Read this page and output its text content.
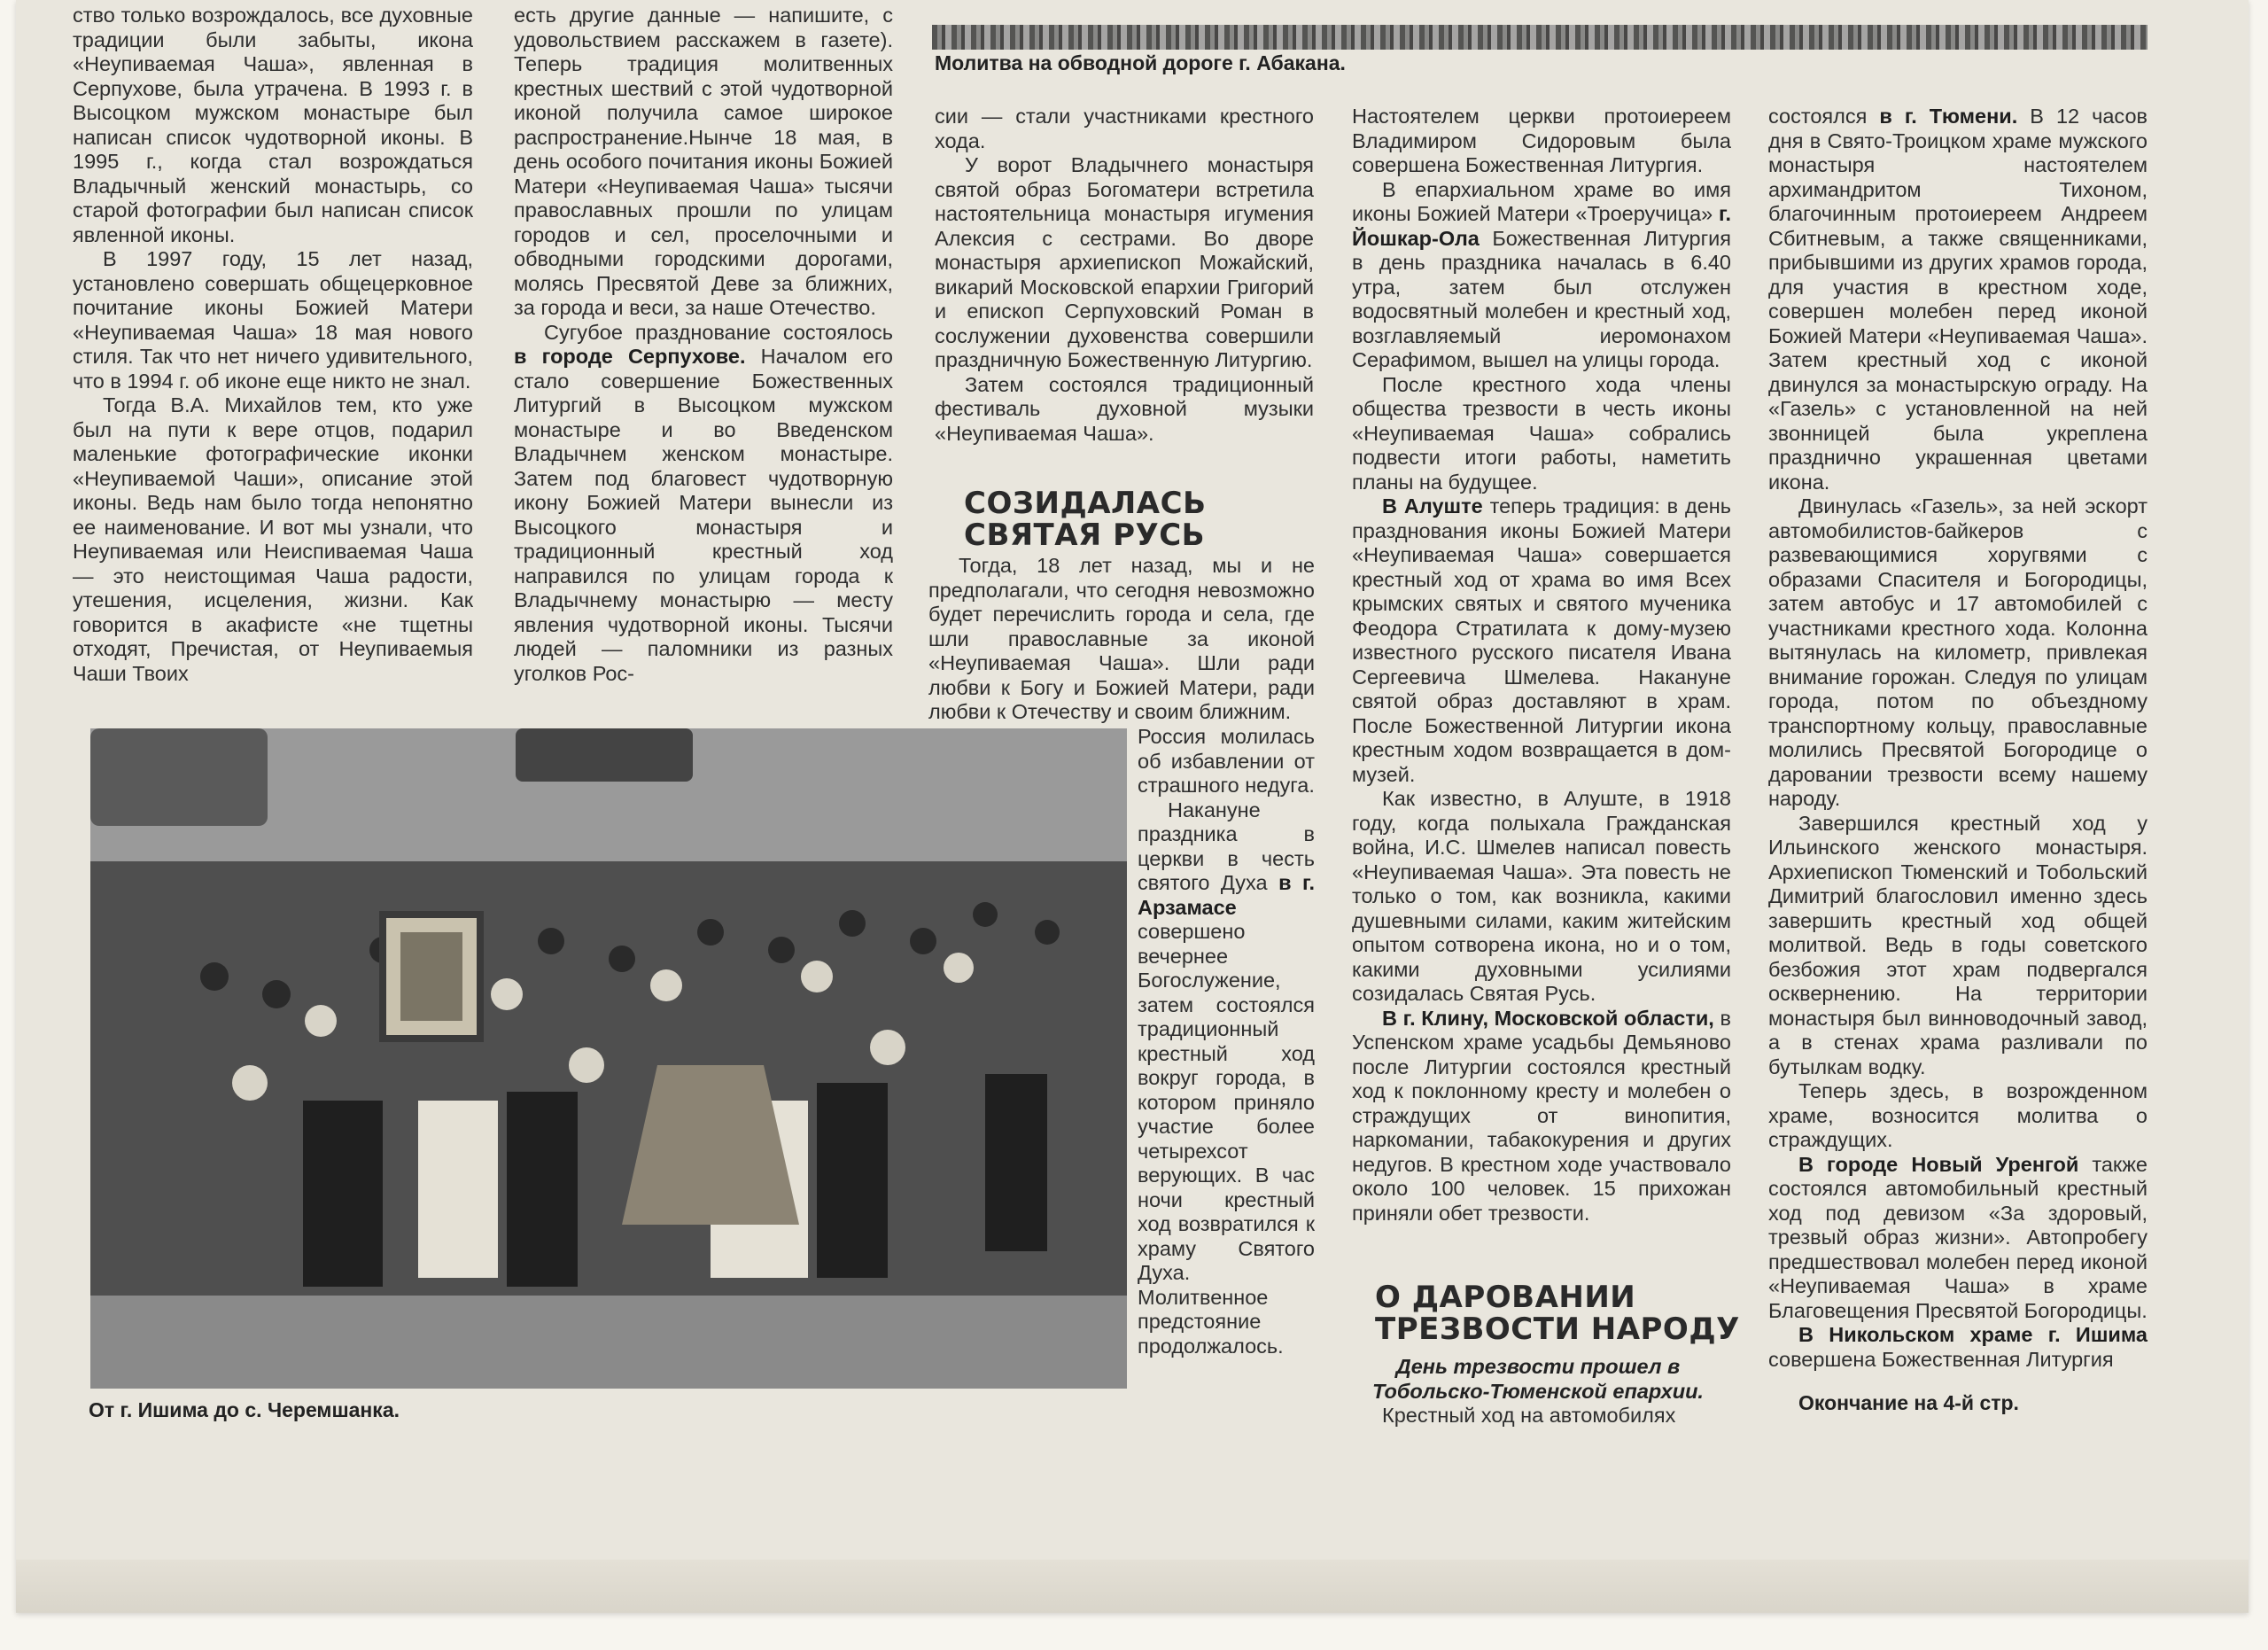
Молитва на обводной дороге г. Абакана.

ство только возрождалось, все духовные традиции были забыты, икона «Неупиваемая Чаша», явленная в Серпухове, была утрачена. В 1993 г. в Высоцком мужском монастыре был написан список чудотворной иконы. В 1995 г., когда стал возрождаться Владычный женский монастырь, со старой фотографии был написан список явленной иконы.

В 1997 году, 15 лет назад, установлено совершать общецерковное почитание иконы Божией Матери «Неупиваемая Чаша» 18 мая нового стиля. Так что нет ничего удивительного, что в 1994 г. об иконе еще никто не знал.

Тогда В.А. Михайлов тем, кто уже был на пути к вере отцов, подарил маленькие фотографические иконки «Неупиваемой Чаши», описание этой иконы. Ведь нам было тогда непонятно ее наименование. И вот мы узнали, что Неупиваемая или Неиспиваемая Чаша — это неистощимая Чаша радости, утешения, исцеления, жизни. Как говорится в акафисте «не тщетны отходят, Пречистая, от Неупиваемыя Чаши Твоих

есть другие данные — напишите, с удовольствием расскажем в газете). Теперь традиция молитвенных крестных шествий с этой чудотворной иконой получила самое широкое распространение.Нынче 18 мая, в день особого почитания иконы Божией Матери «Неупиваемая Чаша» тысячи православных прошли по улицам городов и сел, проселочными и обводными городскими дорогами, молясь Пресвятой Деве за ближних, за города и веси, за наше Отечество.

Сугубое празднование состоялось в городе Серпухове. Началом его стало совершение Божественных Литургий в Высоцком мужском монастыре и во Введенском Владычнем женском монастыре. Затем под благовест чудотворную икону Божией Матери вынесли из Высоцкого монастыря и традиционный крестный ход направился по улицам города к Владычнему монастырю — месту явления чудотворной иконы. Тысячи людей — паломники из разных уголков Рос-

сии — стали участниками крестного хода.

У ворот Владычнего монастыря святой образ Богоматери встретила настоятельница монастыря игумения Алексия с сестрами. Во дворе монастыря архиепископ Можайский, викарий Московской епархии Григорий и епископ Серпуховский Роман в сослужении духовенства совершили праздничную Божественную Литургию.

Затем состоялся традиционный фестиваль духовной музыки «Неупиваемая Чаша».

СОЗИДАЛАСЬ СВЯТАЯ РУСЬ

Тогда, 18 лет назад, мы и не предполагали, что сегодня невозможно будет перечислить города и села, где шли православные за иконой «Неупиваемая Чаша». Шли ради любви к Богу и Божией Матери, ради любви к Отечеству и своим ближним.

Россия молилась об избавлении от страшного недуга.

Накануне праздника в церкви в честь святого Духа в г. Арзамасе совершено вечернее Богослужение, затем состоялся традиционный крестный ход вокруг города, в котором приняло участие более четырехсот верующих. В час ночи крестный ход возвратился к храму Святого Духа. Молитвенное предстояние продолжалось.

Настоятелем церкви протоиереем Владимиром Сидоровым была совершена Божественная Литургия.

В епархиальном храме во имя иконы Божией Матери «Троеручица» г. Йошкар-Ола Божественная Литургия в день праздника началась в 6.40 утра, затем был отслужен водосвятный молебен и крестный ход, возглавляемый иеромонахом Серафимом, вышел на улицы города.

После крестного хода члены общества трезвости в честь иконы «Неупиваемая Чаша» собрались подвести итоги работы, наметить планы на будущее.

В Алуште теперь традиция: в день празднования иконы Божией Матери «Неупиваемая Чаша» совершается крестный ход от храма во имя Всех крымских святых и святого мученика Феодора Стратилата к дому-музею известного русского писателя Ивана Сергеевича Шмелева. Накануне святой образ доставляют в храм. После Божественной Литургии икона крестным ходом возвращается в дом-музей.

Как известно, в Алуште, в 1918 году, когда полыхала Гражданская война, И.С. Шмелев написал повесть «Неупиваемая Чаша». Эта повесть не только о том, как возникла, какими душевными силами, каким житейским опытом сотворена икона, но и о том, какими духовными усилиями созидалась Святая Русь.

В г. Клину, Московской области, в Успенском храме усадьбы Демьяново после Литургии состоялся крестный ход к поклонному кресту и молебен о страждущих от винопития, наркомании, табакокурения и других недугов. В крестном ходе участвовало около 100 человек. 15 прихожан приняли обет трезвости.

О ДАРОВАНИИ ТРЕЗВОСТИ НАРОДУ
День трезвости прошел в Тобольско-Тюменской епархии.

Крестный ход на автомобилях

состоялся в г. Тюмени. В 12 часов дня в Свято-Троицком храме мужского монастыря настоятелем архимандритом Тихоном, благочинным протоиереем Андреем Сбитневым, а также священниками, прибывшими из других храмов города, для участия в крестном ходе, совершен молебен перед иконой Божией Матери «Неупиваемая Чаша». Затем крестный ход с иконой двинулся за монастырскую ограду. На «Газель» с установленной на ней звонницей была укреплена празднично украшенная цветами икона.

Двинулась «Газель», за ней эскорт автомобилистов-байкеров с развевающимися хоругвями с образами Спасителя и Богородицы, затем автобус и 17 автомобилей с участниками крестного хода. Колонна вытянулась на километр, привлекая внимание горожан. Следуя по улицам города, потом по объездному транспортному кольцу, православные молились Пресвятой Богородице о даровании трезвости всему нашему народу.

Завершился крестный ход у Ильинского женского монастыря. Архиепископ Тюменский и Тобольский Димитрий благословил именно здесь завершить крестный ход общей молитвой. Ведь в годы советского безбожия этот храм подвергался осквернению. На территории монастыря был винноводочный завод, а в стенах храма разливали по бутылкам водку.

Теперь здесь, в возрожденном храме, возносится молитва о страждущих.

В городе Новый Уренгой также состоялся автомобильный крестный ход под девизом «За здоровый, трезвый образ жизни». Автопробегу предшествовал молебен перед иконой «Неупиваемая Чаша» в храме Благовещения Пресвятой Богородицы.

В Никольском храме г. Ишима совершена Божественная Литургия

Окончание на 4-й стр.
От г. Ишима до с. Черемшанка.
